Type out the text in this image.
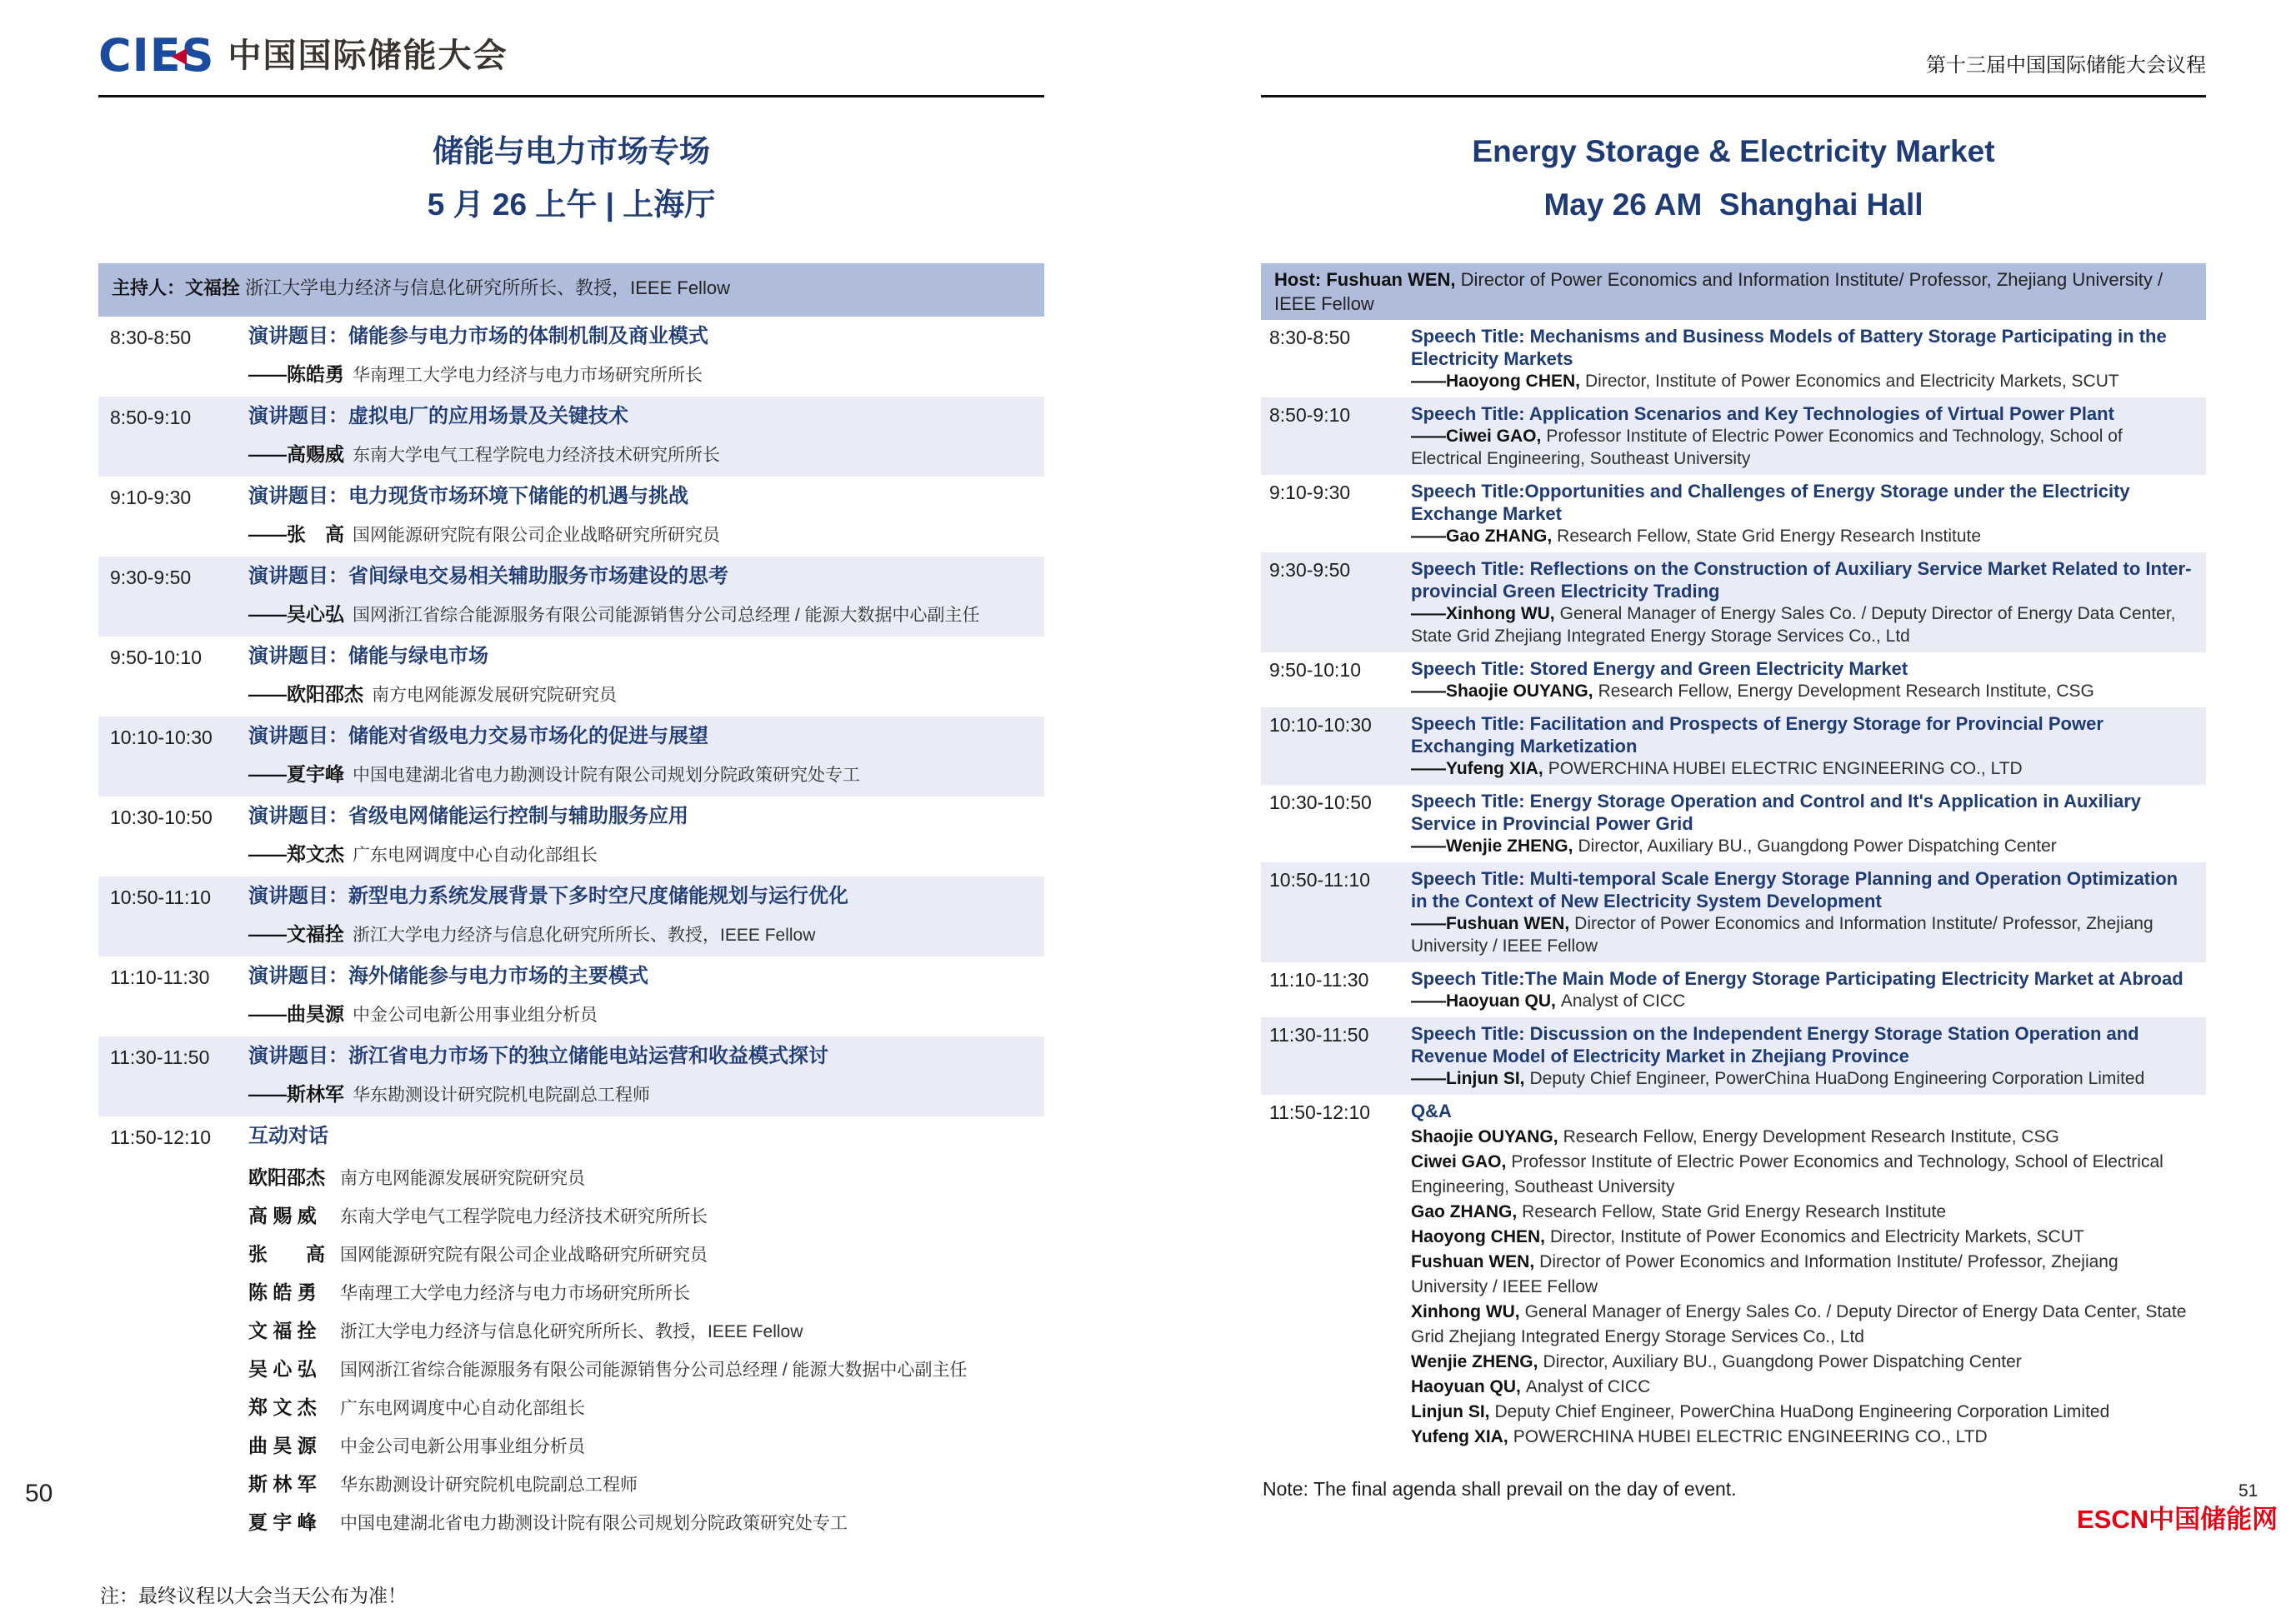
CIES 中国国际储能大会	第十三届中国国际储能大会议程
储能与电力市场专场
5 月 26 上午 | 上海厅
主持人：文福拴 浙江大学电力经济与信息化研究所所长、教授，IEEE Fellow
8:30-8:50	演讲题目：储能参与电力市场的体制机制及商业模式
——陈皓勇 华南理工大学电力经济与电力市场研究所所长
8:50-9:10	演讲题目：虚拟电厂的应用场景及关键技术
——高赐威 东南大学电气工程学院电力经济技术研究所所长
9:10-9:30	演讲题目：电力现货市场环境下储能的机遇与挑战
——张　高 国网能源研究院有限公司企业战略研究所研究员
9:30-9:50	演讲题目：省间绿电交易相关辅助服务市场建设的思考
——吴心弘 国网浙江省综合能源服务有限公司能源销售分公司总经理 / 能源大数据中心副主任
9:50-10:10	演讲题目：储能与绿电市场
——欧阳邵杰 南方电网能源发展研究院研究员
10:10-10:30	演讲题目：储能对省级电力交易市场化的促进与展望
——夏宇峰 中国电建湖北省电力勘测设计院有限公司规划分院政策研究处专工
10:30-10:50	演讲题目：省级电网储能运行控制与辅助服务应用
——郑文杰 广东电网调度中心自动化部组长
10:50-11:10	演讲题目：新型电力系统发展背景下多时空尺度储能规划与运行优化
——文福拴 浙江大学电力经济与信息化研究所所长、教授，IEEE Fellow
11:10-11:30	演讲题目：海外储能参与电力市场的主要模式
——曲昊源 中金公司电新公用事业组分析员
11:30-11:50	演讲题目：浙江省电力市场下的独立储能电站运营和收益模式探讨
——斯林军 华东勘测设计研究院机电院副总工程师
11:50-12:10	互动对话
欧阳邵杰 南方电网能源发展研究院研究员
高 赐 威 东南大学电气工程学院电力经济技术研究所所长
张　　高 国网能源研究院有限公司企业战略研究所研究员
陈 皓 勇 华南理工大学电力经济与电力市场研究所所长
文 福 拴 浙江大学电力经济与信息化研究所所长、教授，IEEE Fellow
吴 心 弘 国网浙江省综合能源服务有限公司能源销售分公司总经理 / 能源大数据中心副主任
郑 文 杰 广东电网调度中心自动化部组长
曲 昊 源 中金公司电新公用事业组分析员
斯 林 军 华东勘测设计研究院机电院副总工程师
夏 宇 峰 中国电建湖北省电力勘测设计院有限公司规划分院政策研究处专工
注：最终议程以大会当天公布为准！
Energy Storage & Electricity Market
May 26 AM  Shanghai Hall
Host: Fushuan WEN, Director of Power Economics and Information Institute/ Professor, Zhejiang University / IEEE Fellow
8:30-8:50	Speech Title: Mechanisms and Business Models of Battery Storage Participating in the Electricity Markets
——Haoyong CHEN, Director, Institute of Power Economics and Electricity Markets, SCUT
8:50-9:10	Speech Title: Application Scenarios and Key Technologies of Virtual Power Plant
——Ciwei GAO, Professor Institute of Electric Power Economics and Technology, School of Electrical Engineering, Southeast University
9:10-9:30	Speech Title:Opportunities and Challenges of Energy Storage under the Electricity Exchange Market
——Gao ZHANG, Research Fellow, State Grid Energy Research Institute
9:30-9:50	Speech Title: Reflections on the Construction of Auxiliary Service Market Related to Inter-provincial Green Electricity Trading
——Xinhong WU, General Manager of Energy Sales Co. / Deputy Director of Energy Data Center, State Grid Zhejiang Integrated Energy Storage Services Co., Ltd
9:50-10:10	Speech Title: Stored Energy and Green Electricity Market
——Shaojie OUYANG, Research Fellow, Energy Development Research Institute, CSG
10:10-10:30	Speech Title: Facilitation and Prospects of Energy Storage for Provincial Power Exchanging Marketization
——Yufeng XIA, POWERCHINA HUBEI ELECTRIC ENGINEERING CO., LTD
10:30-10:50	Speech Title: Energy Storage Operation and Control and It's Application in Auxiliary Service in Provincial Power Grid
——Wenjie ZHENG, Director, Auxiliary BU., Guangdong Power Dispatching Center
10:50-11:10	Speech Title: Multi-temporal Scale Energy Storage Planning and Operation Optimization in the Context of New Electricity System Development
——Fushuan WEN, Director of Power Economics and Information Institute/ Professor, Zhejiang University / IEEE Fellow
11:10-11:30	Speech Title:The Main Mode of Energy Storage Participating Electricity Market at Abroad
——Haoyuan QU, Analyst of CICC
11:30-11:50	Speech Title: Discussion on the Independent Energy Storage Station Operation and Revenue Model of Electricity Market in Zhejiang Province
——Linjun SI, Deputy Chief Engineer, PowerChina HuaDong Engineering Corporation Limited
11:50-12:10	Q&A
Shaojie OUYANG, Research Fellow, Energy Development Research Institute, CSG
Ciwei GAO, Professor Institute of Electric Power Economics and Technology, School of Electrical Engineering, Southeast University
Gao ZHANG, Research Fellow, State Grid Energy Research Institute
Haoyong CHEN, Director, Institute of Power Economics and Electricity Markets, SCUT
Fushuan WEN, Director of Power Economics and Information Institute/ Professor, Zhejiang University / IEEE Fellow
Xinhong WU, General Manager of Energy Sales Co. / Deputy Director of Energy Data Center, State Grid Zhejiang Integrated Energy Storage Services Co., Ltd
Wenjie ZHENG, Director, Auxiliary BU., Guangdong Power Dispatching Center
Haoyuan QU, Analyst of CICC
Linjun SI, Deputy Chief Engineer, PowerChina HuaDong Engineering Corporation Limited
Yufeng XIA, POWERCHINA HUBEI ELECTRIC ENGINEERING CO., LTD
Note: The final agenda shall prevail on the day of event.
50	51
ESCN中国储能网
